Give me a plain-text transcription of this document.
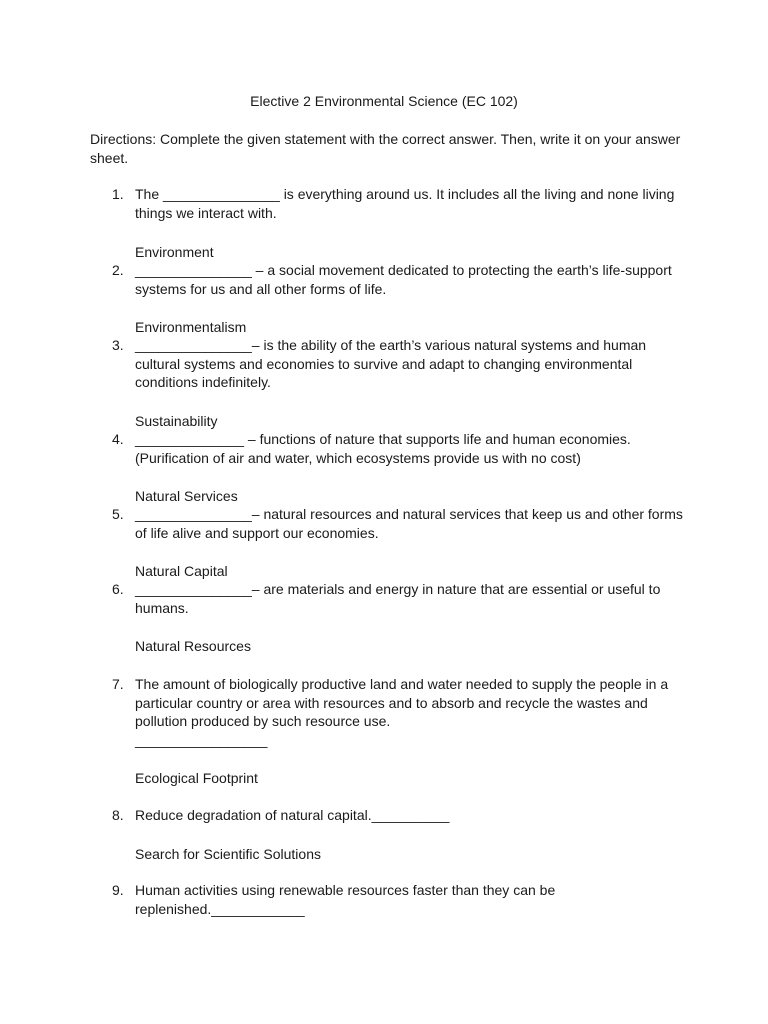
Elective 2 Environmental Science (EC 102)
Directions: Complete the given statement with the correct answer. Then, write it on your answer
sheet.
1. The _______________ is everything around us. It includes all the living and none living
things we interact with.
Environment
2. _______________ – a social movement dedicated to protecting the earth’s life-support
systems for us and all other forms of life.
Environmentalism
3. _______________– is the ability of the earth’s various natural systems and human
cultural systems and economies to survive and adapt to changing environmental
conditions indefinitely.
Sustainability
4. ______________ – functions of nature that supports life and human economies.
(Purification of air and water, which ecosystems provide us with no cost)
Natural Services
5. _______________– natural resources and natural services that keep us and other forms
of life alive and support our economies.
Natural Capital
6. _______________– are materials and energy in nature that are essential or useful to
humans.
Natural Resources
7. The amount of biologically productive land and water needed to supply the people in a
particular country or area with resources and to absorb and recycle the wastes and
pollution produced by such resource use.
_________________
Ecological Footprint
8. Reduce degradation of natural capital.__________
Search for Scientific Solutions
9. Human activities using renewable resources faster than they can be
replenished.____________
